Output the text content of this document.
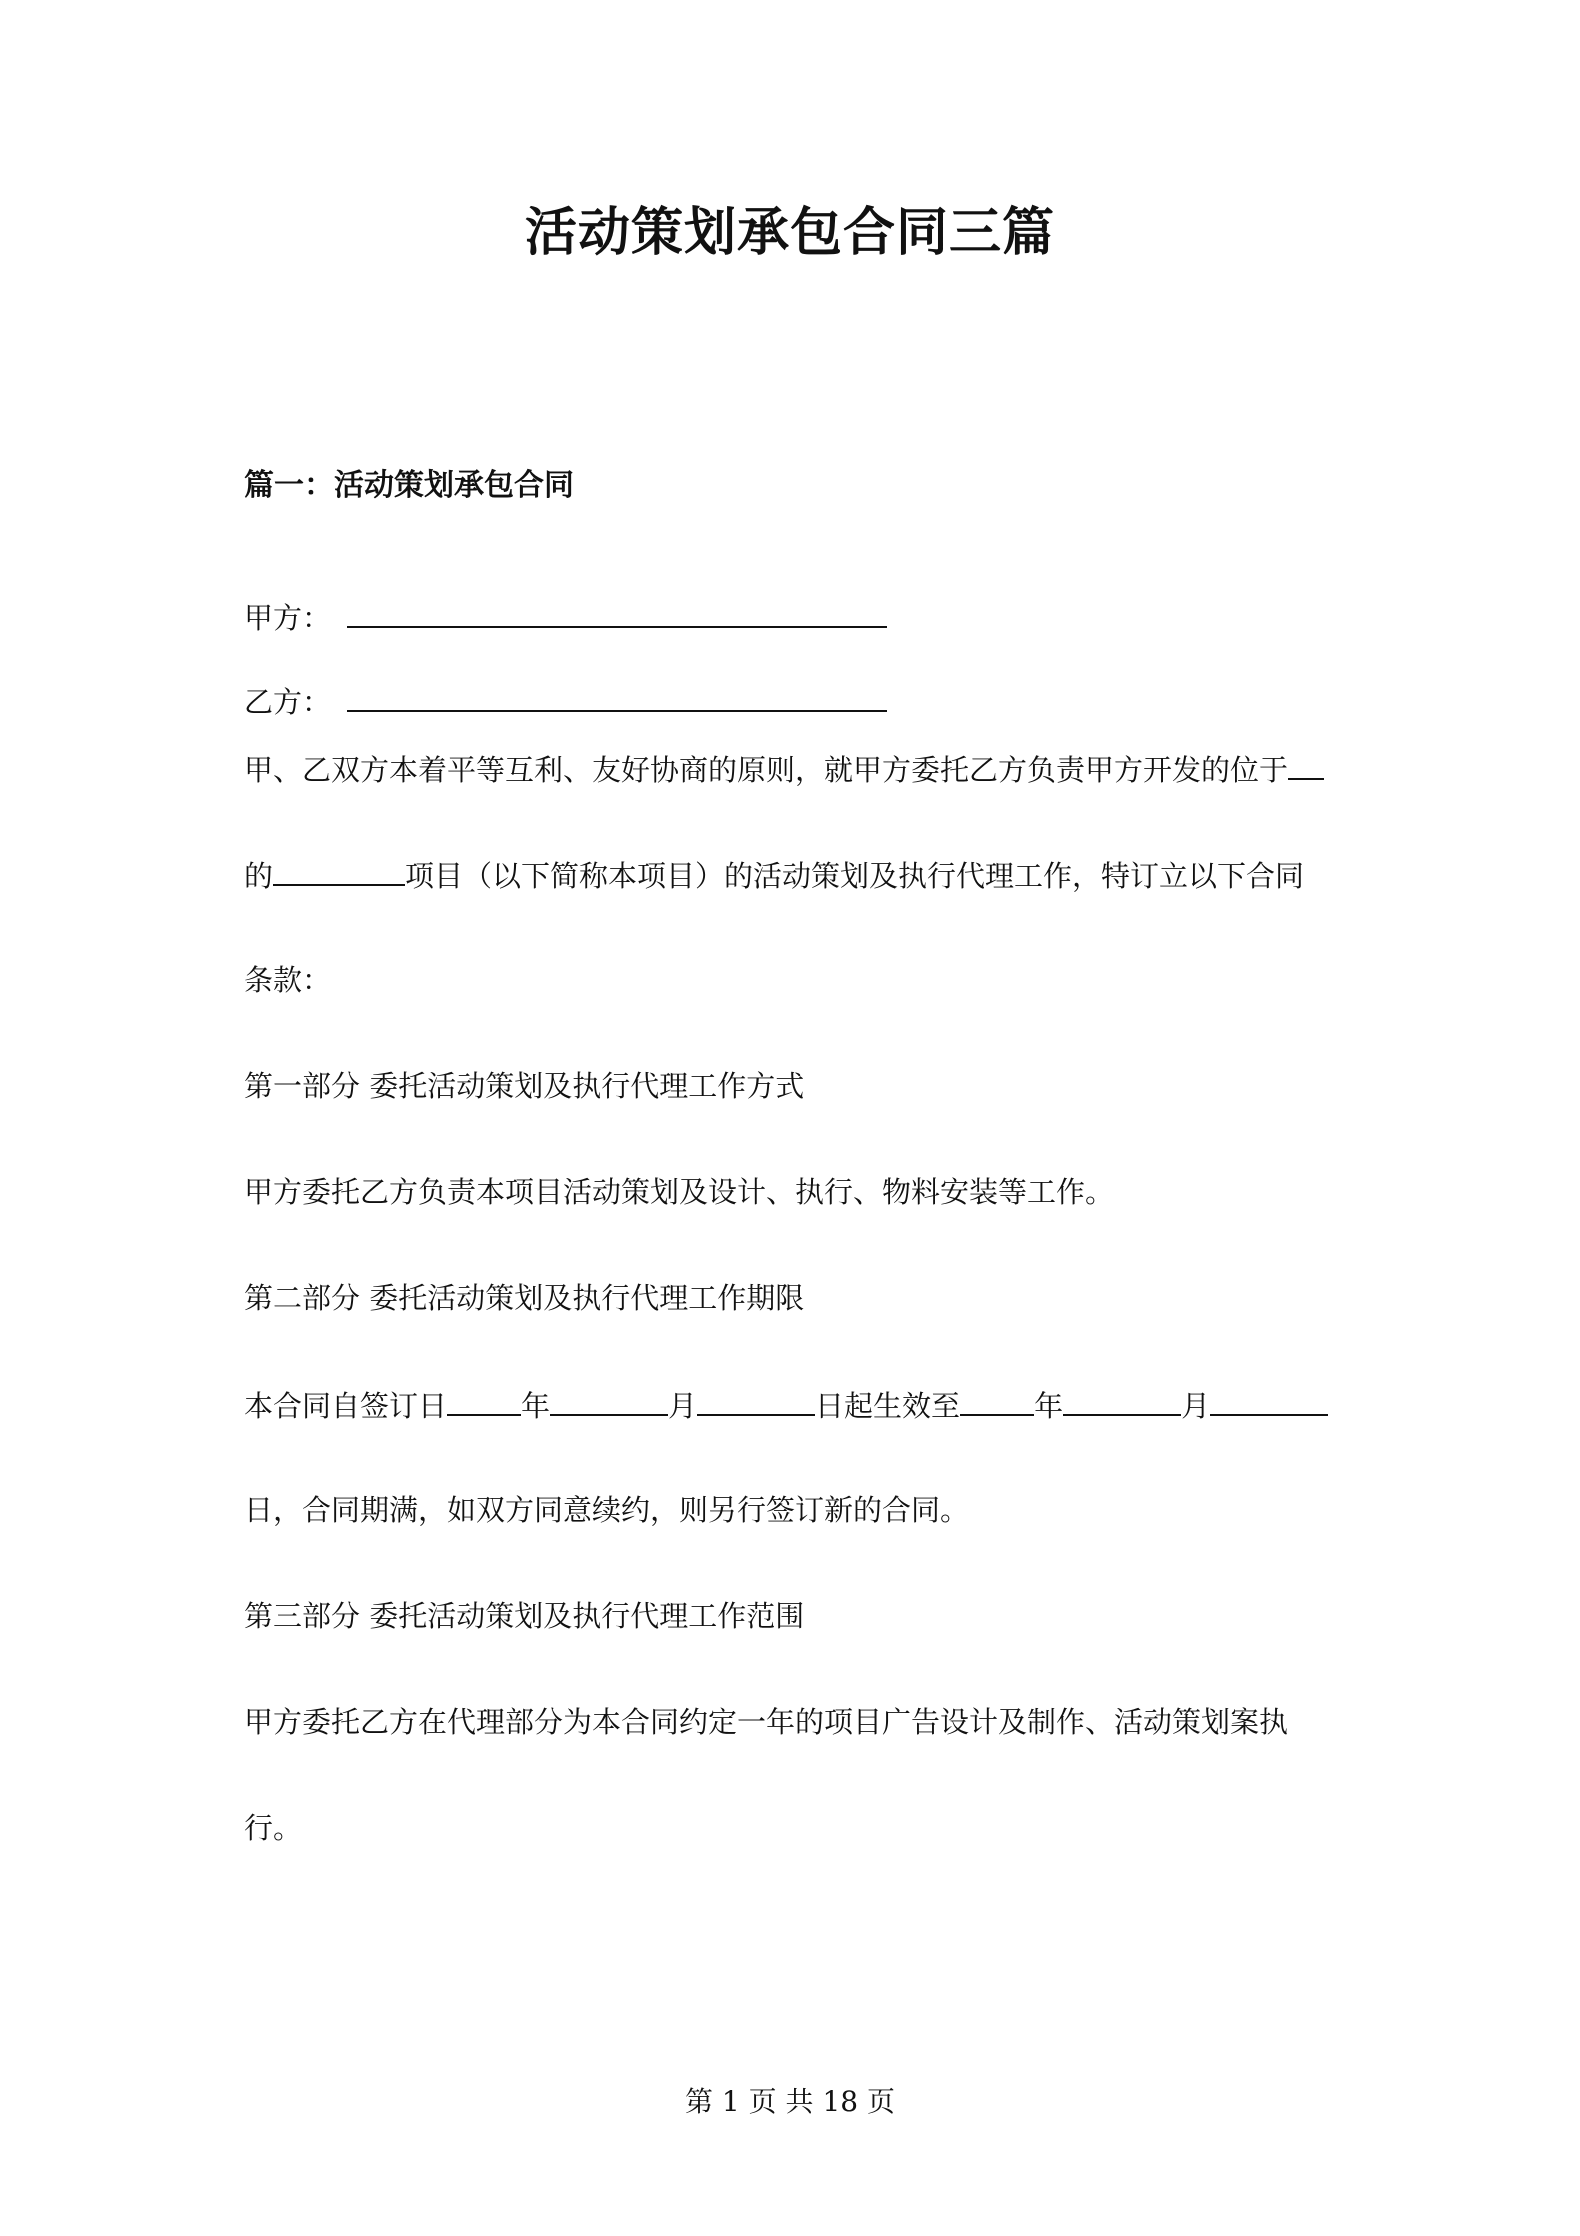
活动策划承包合同三篇
篇一：活动策划承包合同

甲方：

乙方：

甲、乙双方本着平等互利、友好协商的原则，就甲方委托乙方负责甲方开发的位于

的	项目（以下简称本项目）的活动策划及执行代理工作，特订立以下合同

条款：

第一部分 委托活动策划及执行代理工作方式

甲方委托乙方负责本项目活动策划及设计、执行、物料安装等工作。

第二部分 委托活动策划及执行代理工作期限

本合同自签订日	年	月	日起生效至	年	月

日，合同期满，如双方同意续约，则另行签订新的合同。

第三部分 委托活动策划及执行代理工作范围

甲方委托乙方在代理部分为本合同约定一年的项目广告设计及制作、活动策划案执

行。

第 1 页 共 18 页
